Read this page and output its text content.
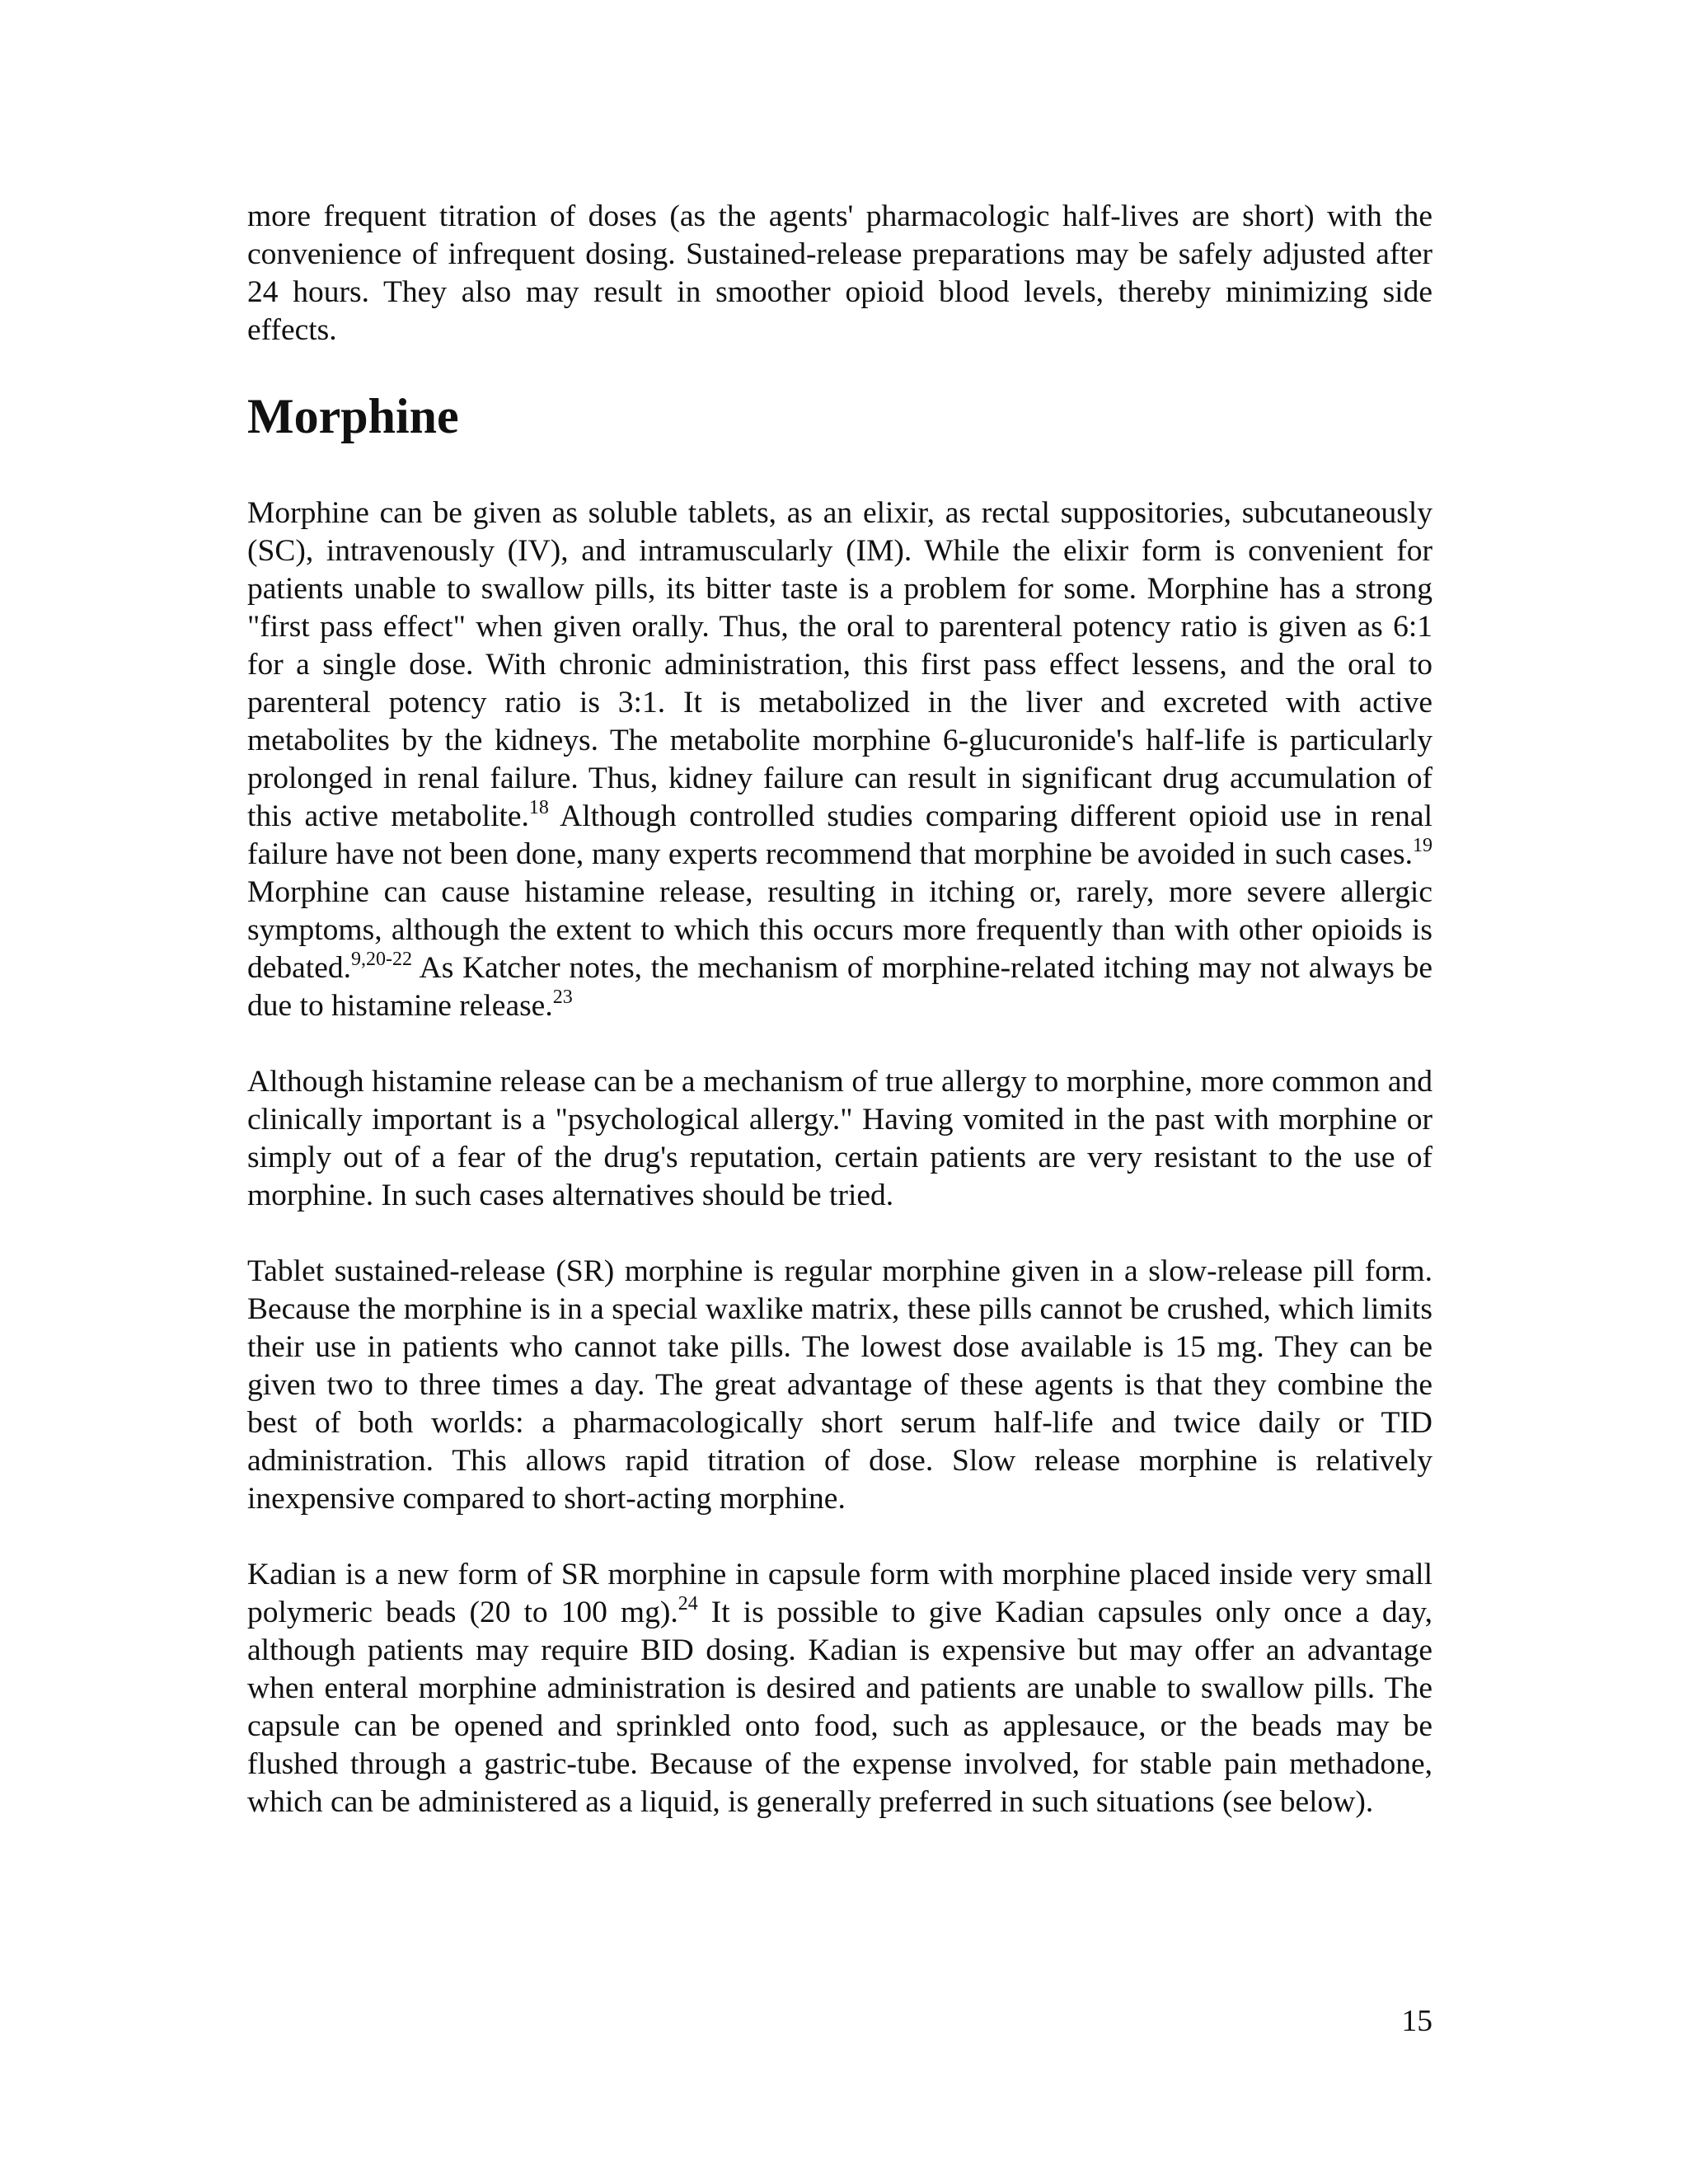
more frequent titration of doses (as the agents' pharmacologic half-lives are short) with the convenience of infrequent dosing. Sustained-release preparations may be safely adjusted after 24 hours. They also may result in smoother opioid blood levels, thereby minimizing side effects.

Morphine

Morphine can be given as soluble tablets, as an elixir, as rectal suppositories, subcutaneously (SC), intravenously (IV), and intramuscularly (IM). While the elixir form is convenient for patients unable to swallow pills, its bitter taste is a problem for some. Morphine has a strong "first pass effect" when given orally. Thus, the oral to parenteral potency ratio is given as 6:1 for a single dose. With chronic administration, this first pass effect lessens, and the oral to parenteral potency ratio is 3:1. It is metabolized in the liver and excreted with active metabolites by the kidneys. The metabolite morphine 6-glucuronide's half-life is particularly prolonged in renal failure. Thus, kidney failure can result in significant drug accumulation of this active metabolite.$^{18}$ Although controlled studies comparing different opioid use in renal failure have not been done, many experts recommend that morphine be avoided in such cases.$^{19}$ Morphine can cause histamine release, resulting in itching or, rarely, more severe allergic symptoms, although the extent to which this occurs more frequently than with other opioids is debated.$^{9,20-22}$ As Katcher notes, the mechanism of morphine-related itching may not always be due to histamine release.$^{23}$

Although histamine release can be a mechanism of true allergy to morphine, more common and clinically important is a "psychological allergy." Having vomited in the past with morphine or simply out of a fear of the drug's reputation, certain patients are very resistant to the use of morphine. In such cases alternatives should be tried.

Tablet sustained-release (SR) morphine is regular morphine given in a slow-release pill form. Because the morphine is in a special waxlike matrix, these pills cannot be crushed, which limits their use in patients who cannot take pills. The lowest dose available is 15 mg. They can be given two to three times a day. The great advantage of these agents is that they combine the best of both worlds: a pharmacologically short serum half-life and twice daily or TID administration. This allows rapid titration of dose. Slow release morphine is relatively inexpensive compared to short-acting morphine.

Kadian is a new form of SR morphine in capsule form with morphine placed inside very small polymeric beads (20 to 100 mg).$^{24}$ It is possible to give Kadian capsules only once a day, although patients may require BID dosing. Kadian is expensive but may offer an advantage when enteral morphine administration is desired and patients are unable to swallow pills. The capsule can be opened and sprinkled onto food, such as applesauce, or the beads may be flushed through a gastric-tube. Because of the expense involved, for stable pain methadone, which can be administered as a liquid, is generally preferred in such situations (see below).

15
